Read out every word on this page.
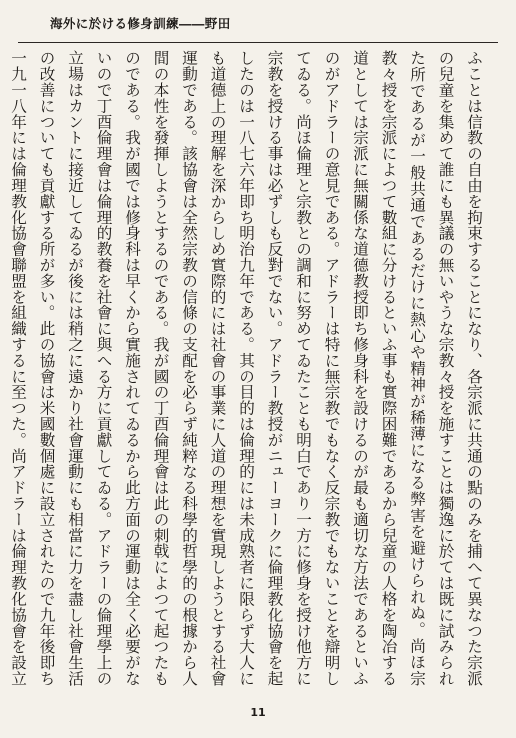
海外に於ける修身訓練――野田

ふことは信教の自由を拘束することになり、各宗派に共通の點のみを捕へて異なつた宗派の兒童を集めて誰にも異議の無いやうな宗教々授を施すことは獨逸に於ては既に試みられた所であるが一般共通であるだけに熱心や精神が稀薄になる弊害を避けられぬ。尚ほ宗教々授を宗派によつて數組に分けるといふ事も實際困難であるから兒童の人格を陶冶する道としては宗派に無關係な道德教授即ち修身科を設けるのが最も適切な方法であるといふのがアドラーの意見である。アドラーは特に無宗教でもなく反宗教でもないことを辯明してゐる。尚ほ倫理と宗教との調和に努めてゐたことも明白であり一方に修身を授け他方に宗教を授ける事は必ずしも反對でない。アドラー教授がニューヨークに倫理教化協會を起したのは一八七六年即ち明治九年である。其の目的は倫理的には未成熟者に限らず大人にも道德上の理解を深からしめ實際的には社會の事業に人道の理想を實現しようとする社會運動である。該協會は全然宗教の信條の支配を必らず純粹なる科學的哲學的の根據から人間の本性を發揮しようとするのである。我が國の丁酉倫理會は此の刺戟によつて起つたものである。我が國では修身科は早くから實施されてゐるから此方面の運動は全く必要がないので丁酉倫理會は倫理的教養を社會に與へる方に貢獻してゐる。アドラーの倫理學上の立場はカントに接近してゐるが後には稍之に遠かり社會運動にも相當に力を盡し社會生活の改善についても貢獻する所が多い。此の協會は米國數個處に設立されたので九年後即ち一九一八年には倫理教化協會聯盟を組織するに至つた。尚アドラーは倫理教化協會を設立

11
